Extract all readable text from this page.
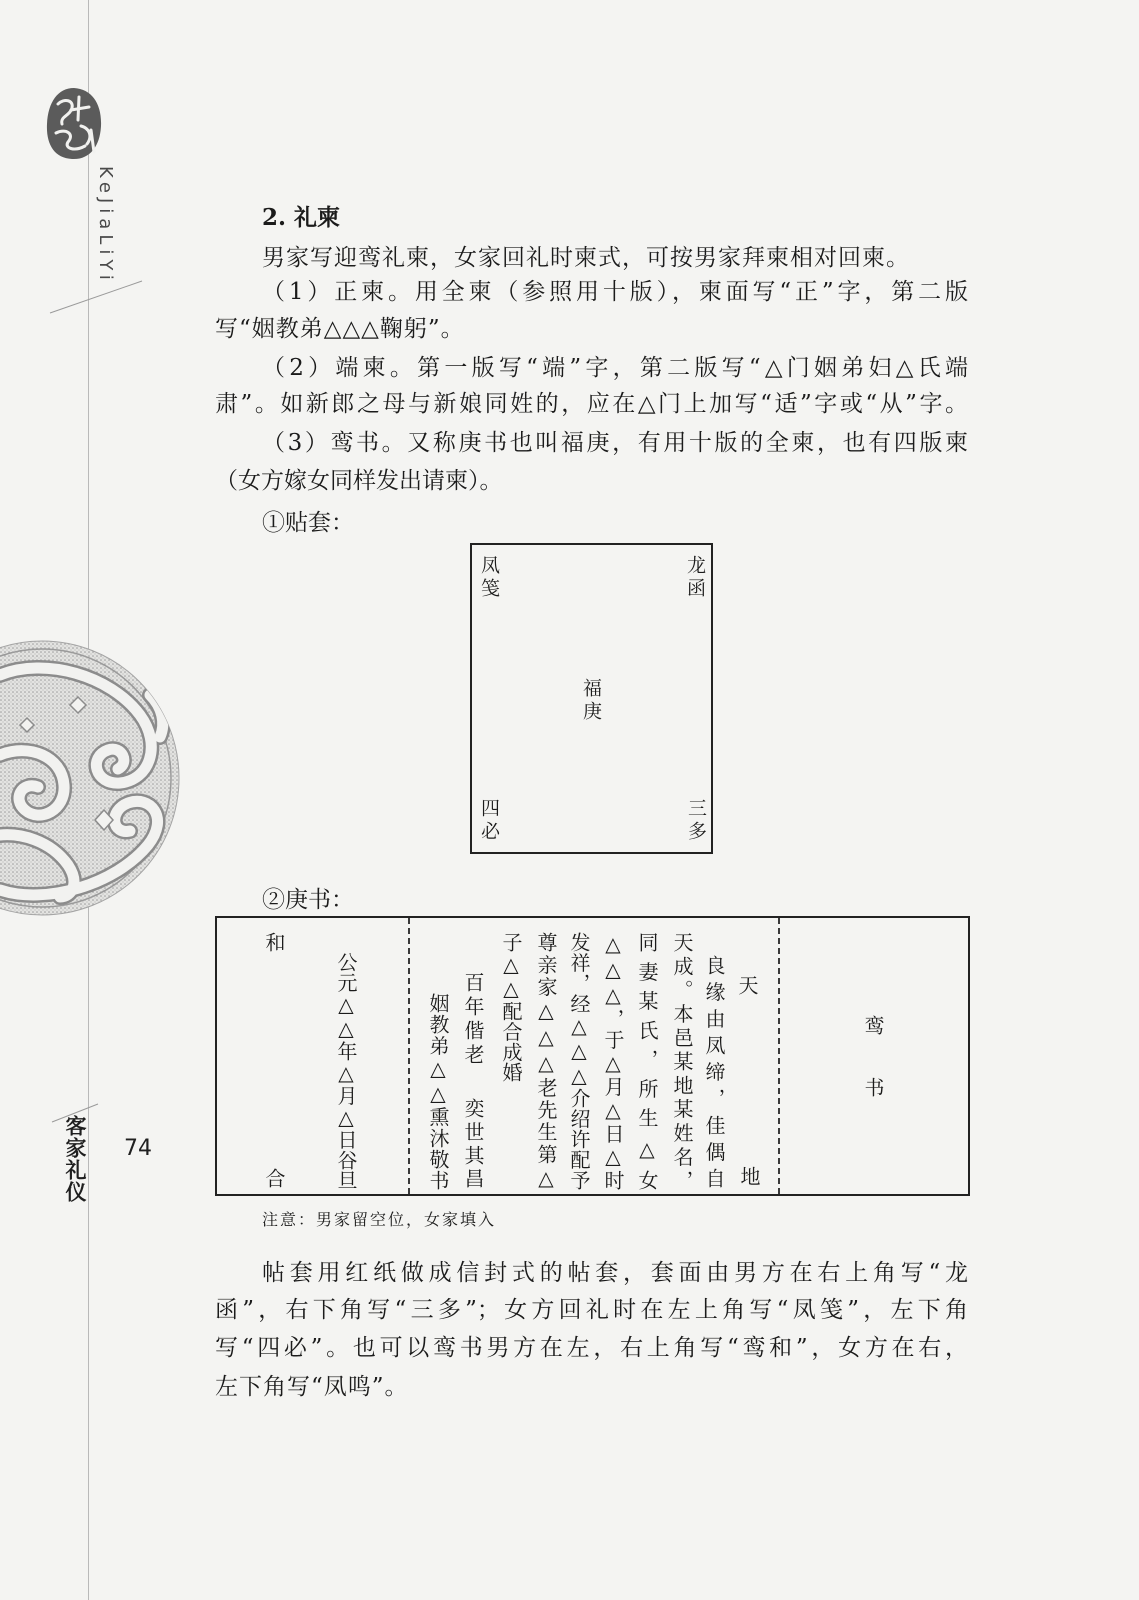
KeJiaLiYi
客家礼仪 74
2. 礼柬
男家写迎鸾礼柬，女家回礼时柬式，可按男家拜柬相对回柬。
（1）正柬。用全柬（参照用十版），柬面写“正”字，第二版
写“姻教弟△△△鞠躬”。
（2）端柬。第一版写“端”字，第二版写“△门姻弟妇△氏端
肃”。如新郎之母与新娘同姓的，应在△门上加写“适”字或“从”字。
（3）鸾书。又称庚书也叫福庚，有用十版的全柬，也有四版柬
（女方嫁女同样发出请柬）。
①贴套：
凤笺	龙函
福庚
四必	三多
②庚书：
鸾
书
天
地
良缘由凤缔，佳偶自
天成。本邑某地某姓名，
同妻某氏，所生△女
△△△，于△月△日△时
发祥，经△△△介绍许配予
尊亲家△△△老先生第△
子△△配合成婚
百年偕老
奕世其昌
姻教弟△△熏沐敬书
公元△△年△月△日谷旦
和
合
注意：男家留空位，女家填入
帖套用红纸做成信封式的帖套，套面由男方在右上角写“龙
函”，右下角写“三多”；女方回礼时在左上角写“凤笺”，左下角
写“四必”。也可以鸾书男方在左，右上角写“鸾和”，女方在右，
左下角写“凤鸣”。
